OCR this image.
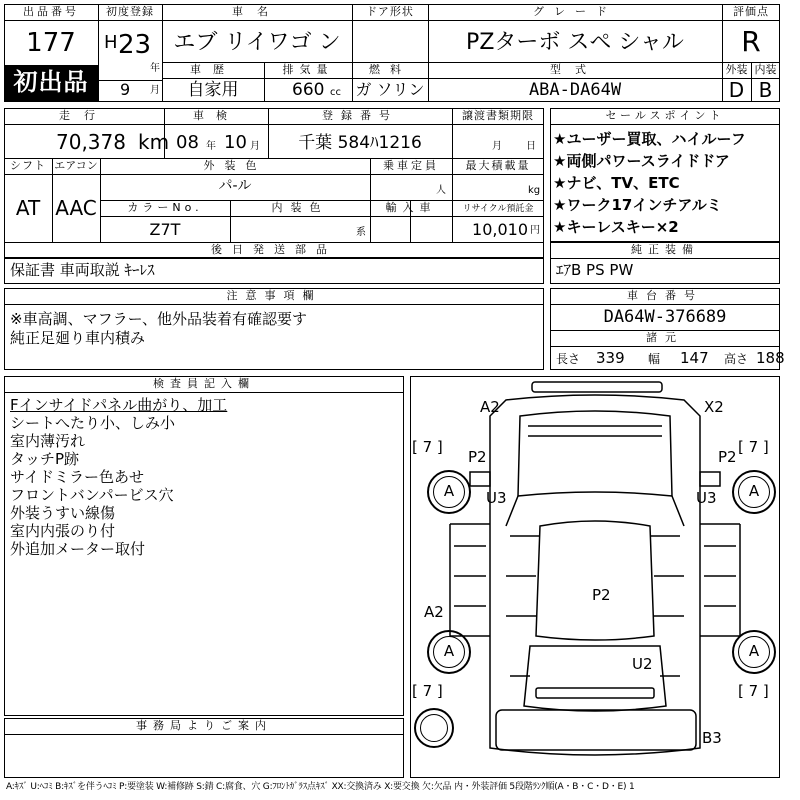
出品番号
177
初出品
初度登録
H 23
年
9 月
車名
エブ リイワゴ ン
ドア形状	グレード
PZターボ スペ シャル
評価点
R
車歴
自家用
排気量
660 cc
燃料
ガ ソリン
型式
ABA-DA64W
外装 内装
D B
走行
70,378 km
車検
08 年 10 月
登録番号
千葉 584ﾊ1216
譲渡書類期限
月 日
シフト エアコン
AT AAC
外装色
パ-ル
乗車定員
人
最大積載量
kg
カラーNo.
Z7T
内装色
系
輸入車	リサイクル預託金
10,010 円
後日発送部品
保証書 車両取説 ｷｰﾚｽ
セールスポイント
★ユーザー買取、ハイルーフ
★両側パワースライドドア
★ナビ、TV、ETC
★ワーク17インチアルミ
★キーレスキー×2
純正装備
ｴｱB PS PW
注意事項欄
※車高調、マフラー、他外品装着有確認要す
純正足廻り車内積み
車台番号
DA64W-376689
諸元
長さ 339 幅 147 高さ 188
検査員記入欄
Fインサイドパネル曲がり、加工
シートへたり小、しみ小
室内薄汚れ
タッチP跡
サイドミラー色あせ
フロントバンパービス穴
外装うすい線傷
室内内張のり付
外追加メーター取付
事務局よりご案内
A	A
A	A
[ 7 ]	[ 7 ]
[ 7 ]	[ 7 ]
A2	X2
P2	P2
U3	U3
P2
A2
U2
B3
A:ｷｽﾞ U:ﾍｺﾐ B:ｷｽﾞを伴うﾍｺﾐ P:要塗装 W:補修跡 S:錆 C:腐食、穴 G:ﾌﾛﾝﾄｶﾞﾗｽ点ｷｽﾞ XX:交換済み X:要交換 欠:欠品 内・外装評価 5段階ﾗﾝｸ順(A・B・C・D・E) 1
